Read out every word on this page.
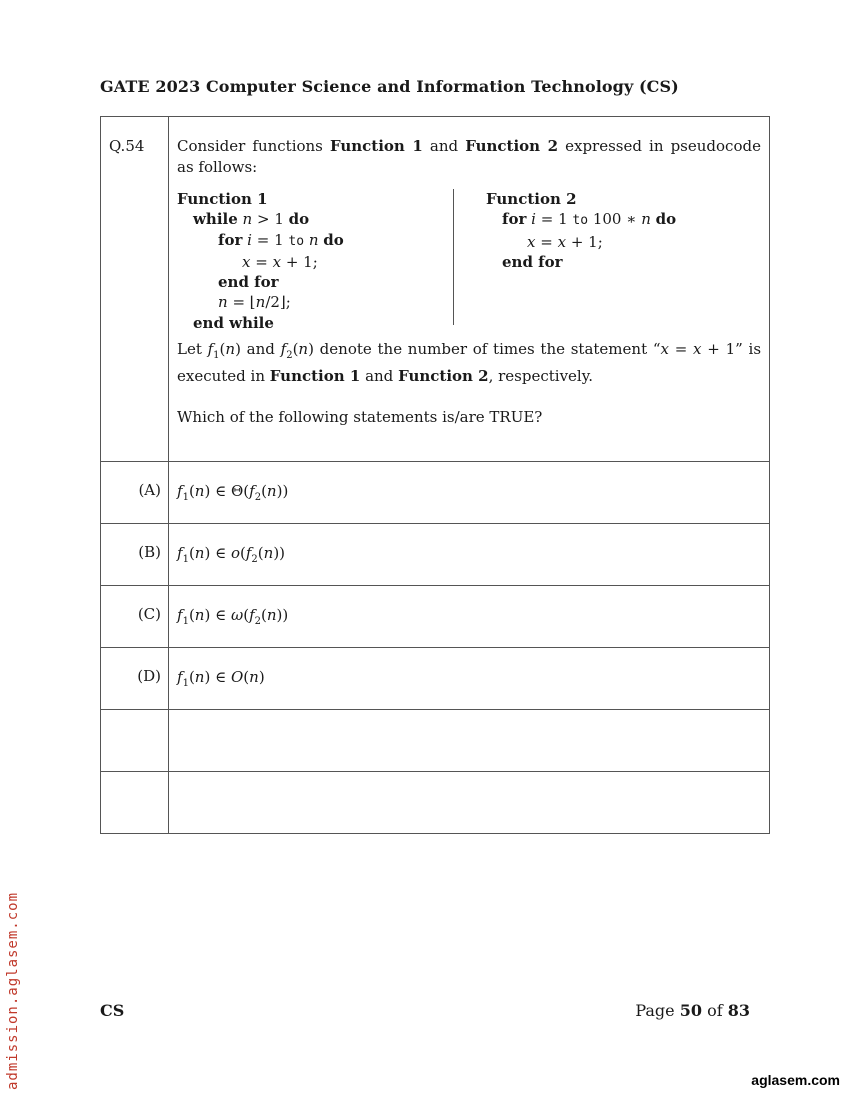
GATE 2023 Computer Science and Information Technology (CS)
Q.54	Consider functions Function 1 and Function 2 expressed in pseudocode as follows:

Function 1
while n > 1 do
for i = 1 to n do
x = x + 1;
end for
n = ⌊n/2⌋;
end while
Function 2
for i = 1 to 100 ∗ n do
x = x + 1;
end for

Let $f_1(n)$ and $f_2(n)$ denote the number of times the statement “x = x + 1” is executed in Function 1 and Function 2, respectively.

Which of the following statements is/are TRUE?

(A)	$f_1(n)$ ∈ $\Theta(f_2(n))$
(B)	$f_1(n)$ ∈ $o(f_2(n))$
(C)	$f_1(n)$ ∈ $\omega(f_2(n))$
(D)	$f_1(n)$ ∈ O(n)
CS	Page 50 of 83
admission.aglasem.com	aglasem.com
